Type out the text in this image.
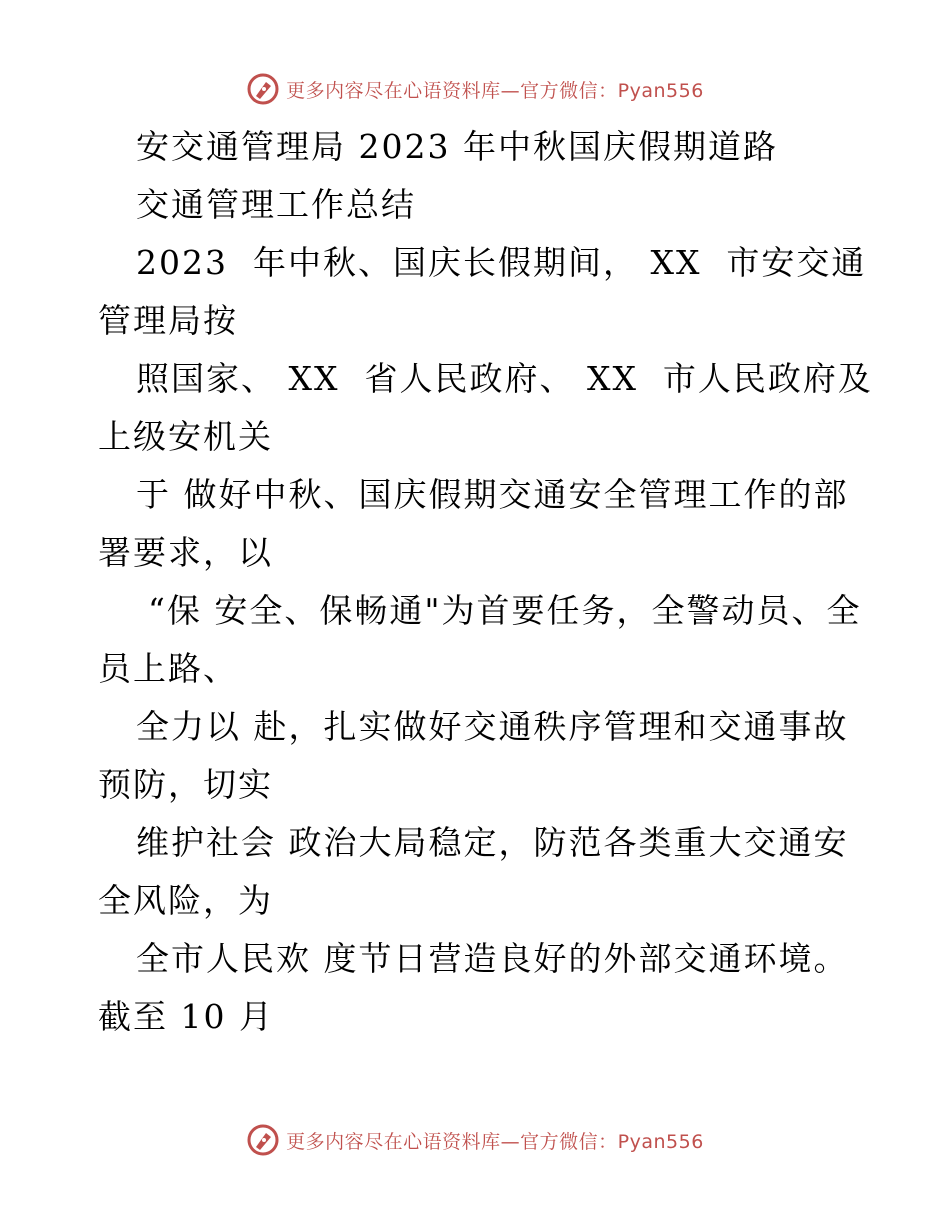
更多内容尽在心语资料库—官方微信：Pyan556
安交通管理局 2023 年中秋国庆假期道路
交通管理工作总结
2023  年中秋、国庆长假期间， XX  市安交通
管理局按
照国家、 XX  省人民政府、 XX  市人民政府及
上级安机关
于 做好中秋、国庆假期交通安全管理工作的部
署要求，以
“保 安全、保畅通"为首要任务，全警动员、全
员上路、
全力以 赴，扎实做好交通秩序管理和交通事故
预防，切实
维护社会 政治大局稳定，防范各类重大交通安
全风险，为
全市人民欢 度节日营造良好的外部交通环境。
截至 10 月
更多内容尽在心语资料库—官方微信：Pyan556
